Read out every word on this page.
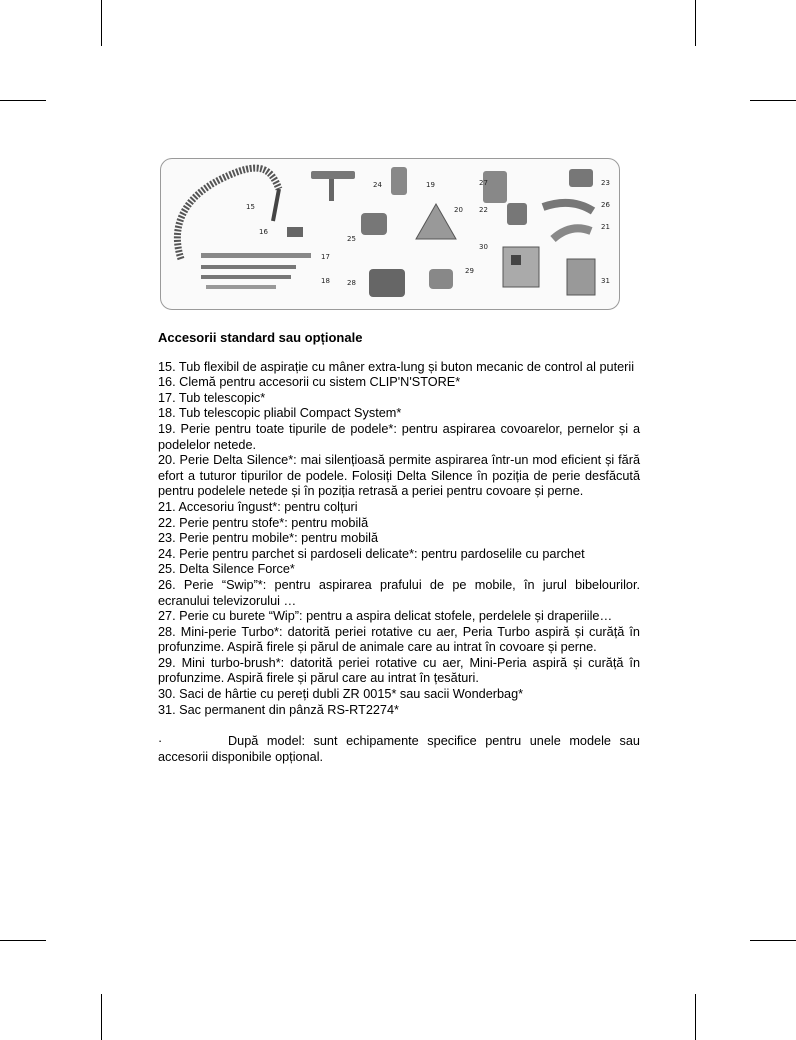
15
16
17
18
19
20
21
22
23
24
25
26
27
28
29
30
31

Accesorii standard sau opționale

15. Tub flexibil de aspirație cu mâner extra-lung și buton mecanic de control al puterii

16. Clemă pentru accesorii cu sistem CLIP'N'STORE*

17. Tub telescopic*

18. Tub telescopic pliabil Compact System*

19. Perie pentru toate tipurile de podele*: pentru aspirarea covoarelor, pernelor și a podelelor netede.

20. Perie Delta Silence*: mai silențioasă permite aspirarea într-un mod eficient și fără efort a tuturor tipurilor de podele. Folosiți Delta Silence în poziția de perie desfăcută pentru podelele netede și în poziția retrasă a periei pentru covoare și perne.

21. Accesoriu îngust*: pentru colțuri

22. Perie pentru stofe*: pentru mobilă

23. Perie pentru mobile*: pentru mobilă

24. Perie pentru parchet si pardoseli delicate*: pentru pardoselile cu parchet

25. Delta Silence Force*

26. Perie “Swip”*: pentru aspirarea prafului de pe mobile, în jurul bibelourilor. ecranului televizorului …

27. Perie cu burete “Wip”: pentru a aspira delicat stofele, perdelele și draperiile…

28. Mini-perie Turbo*: datorită periei rotative cu aer, Peria Turbo aspiră și curăță în profunzime. Aspiră firele și părul de animale care au intrat în covoare și perne.

29. Mini turbo-brush*: datorită periei rotative cu aer, Mini-Peria aspiră și curăță în profunzime. Aspiră firele și părul care au intrat în țesături.

30. Saci de hârtie cu pereți dubli ZR 0015* sau sacii Wonderbag*

31. Sac permanent din pânză RS-RT2274*

·	După model: sunt echipamente specifice pentru unele modele sau accesorii disponibile opțional.
